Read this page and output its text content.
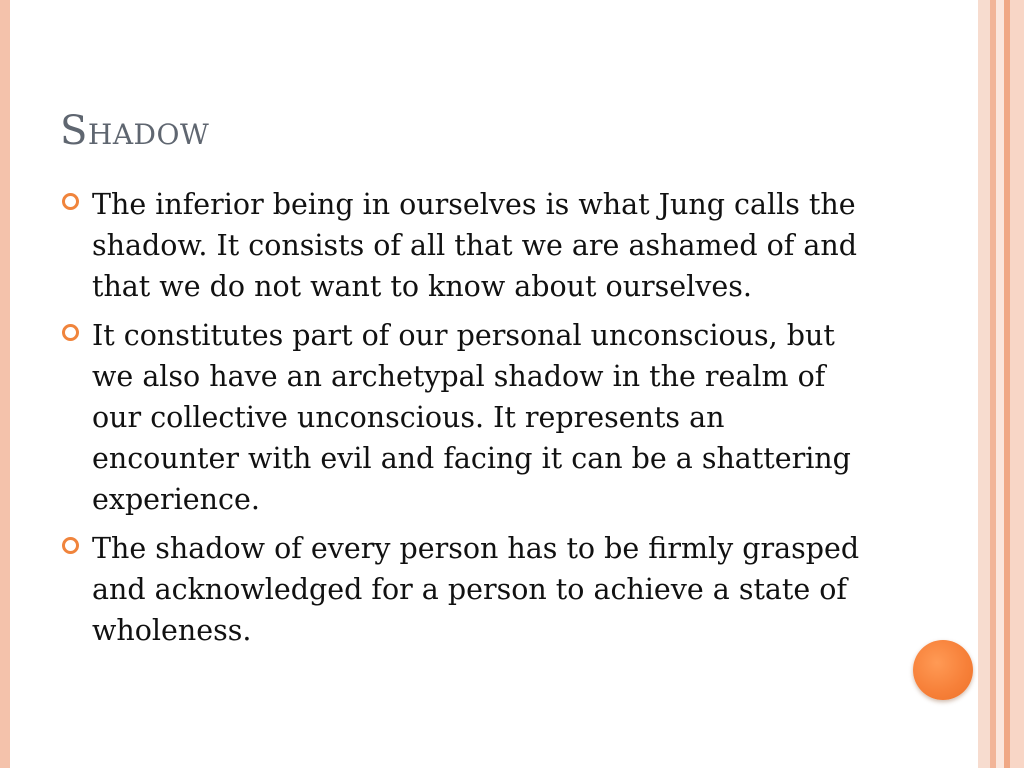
Shadow
The inferior being in ourselves is what Jung calls the shadow. It consists of all that we are ashamed of and that we do not want to know about ourselves.
It constitutes part of our personal unconscious, but we also have an archetypal shadow in the realm of our collective unconscious. It represents an encounter with evil and facing it can be a shattering experience.
The shadow of every person has to be firmly grasped and acknowledged for a person to achieve a state of wholeness.
